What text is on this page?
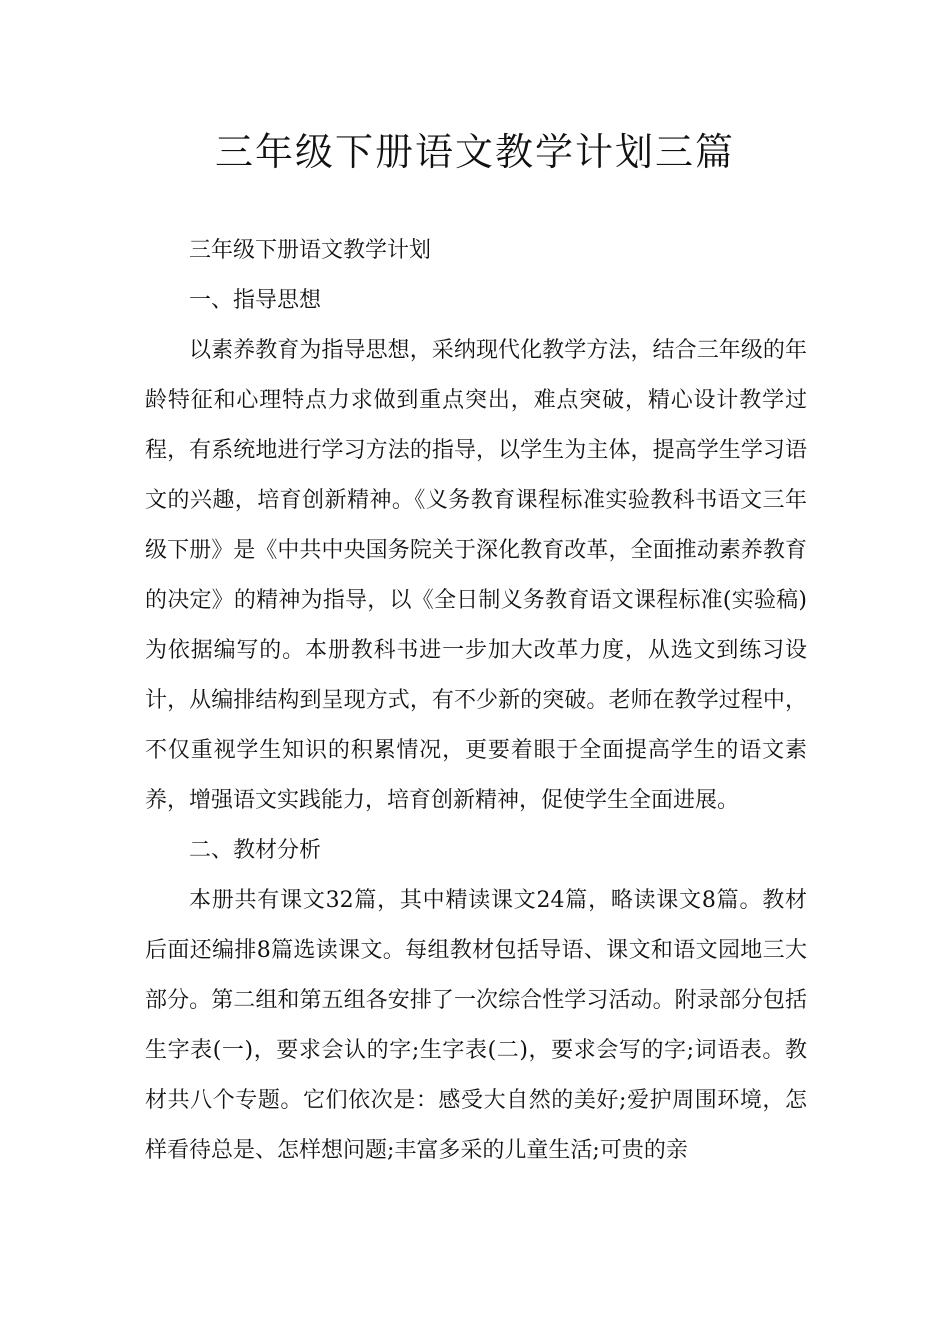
三年级下册语文教学计划三篇

三年级下册语文教学计划

一、指导思想

以素养教育为指导思想，采纳现代化教学方法，结合三年级的年龄特征和心理特点力求做到重点突出，难点突破，精心设计教学过程，有系统地进行学习方法的指导，以学生为主体，提高学生学习语文的兴趣，培育创新精神。《义务教育课程标准实验教科书语文三年级下册》是《中共中央国务院关于深化教育改革，全面推动素养教育的决定》的精神为指导，以《全日制义务教育语文课程标准(实验稿)为依据编写的。本册教科书进一步加大改革力度，从选文到练习设计，从编排结构到呈现方式，有不少新的突破。老师在教学过程中，不仅重视学生知识的积累情况，更要着眼于全面提高学生的语文素养，增强语文实践能力，培育创新精神，促使学生全面进展。

二、教材分析

本册共有课文32篇，其中精读课文24篇，略读课文8篇。教材后面还编排8篇选读课文。每组教材包括导语、课文和语文园地三大部分。第二组和第五组各安排了一次综合性学习活动。附录部分包括生字表(一)，要求会认的字;生字表(二)，要求会写的字;词语表。教材共八个专题。它们依次是：感受大自然的美好;爱护周围环境，怎样看待总是、怎样想问题;丰富多采的儿童生活;可贵的亲
